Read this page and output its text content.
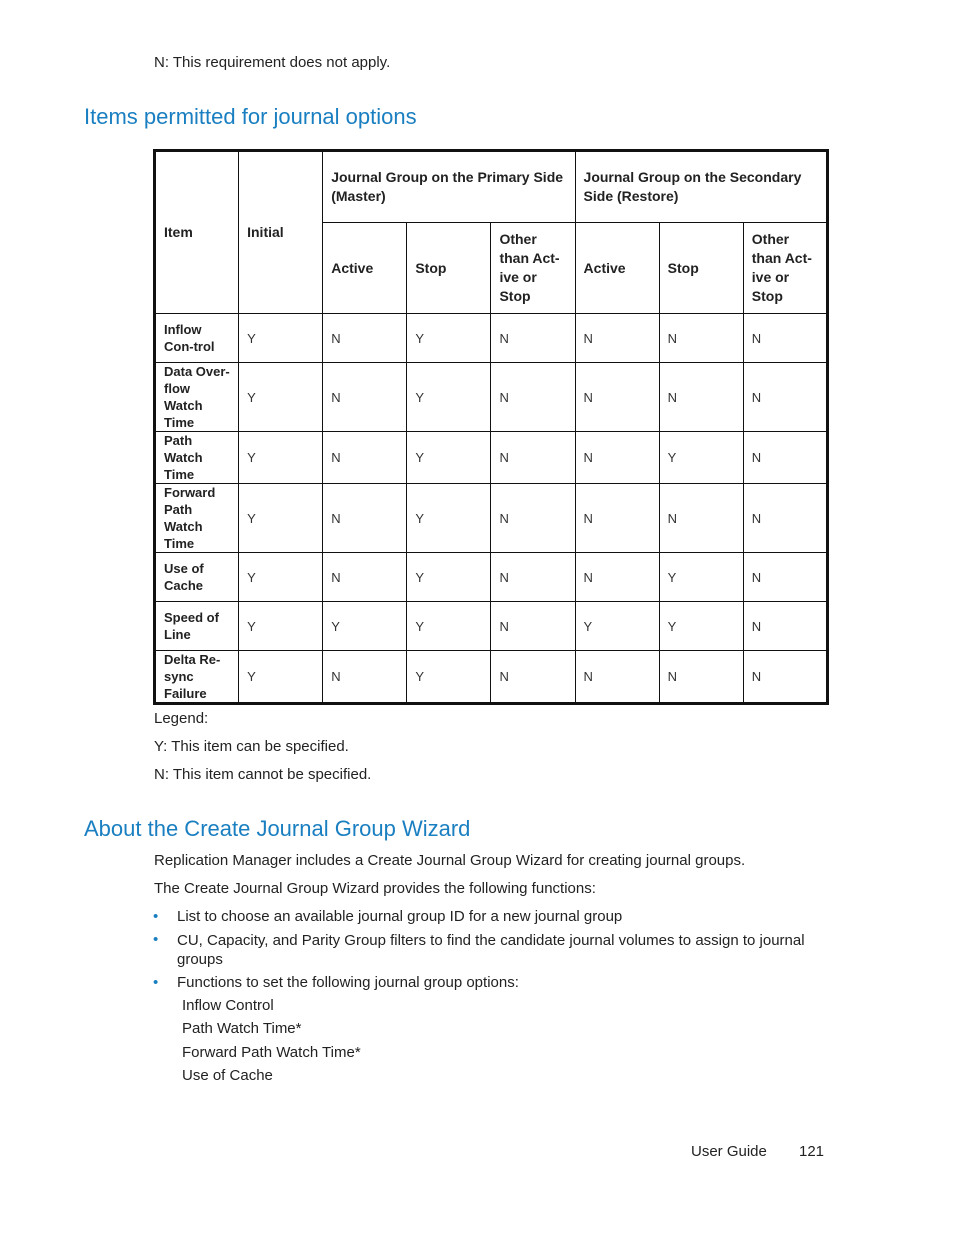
N: This requirement does not apply.
Items permitted for journal options
Item	Initial	Journal Group on the Primary Side (Master)			Journal Group on the Secondary Side (Restore)		
		Active	Stop	Other than Act-ive or Stop	Active	Stop	Other than Act-ive or Stop
Inflow Con-trol	Y	N	Y	N	N	N	N
Data Over-flow Watch Time	Y	N	Y	N	N	N	N
Path Watch Time	Y	N	Y	N	N	Y	N
Forward Path Watch Time	Y	N	Y	N	N	N	N
Use of Cache	Y	N	Y	N	N	Y	N
Speed of Line	Y	Y	Y	N	Y	Y	N
Delta Re-sync Failure	Y	N	Y	N	N	N	N
Legend:
Y: This item can be specified.
N: This item cannot be specified.
About the Create Journal Group Wizard
Replication Manager includes a Create Journal Group Wizard for creating journal groups.
The Create Journal Group Wizard provides the following functions:
• List to choose an available journal group ID for a new journal group
•	CU, Capacity, and Parity Group filters to find the candidate journal volumes to assign to journal groups
• Functions to set the following journal group options:
Inflow Control
Path Watch Time*
Forward Path Watch Time*
Use of Cache
User Guide 121
